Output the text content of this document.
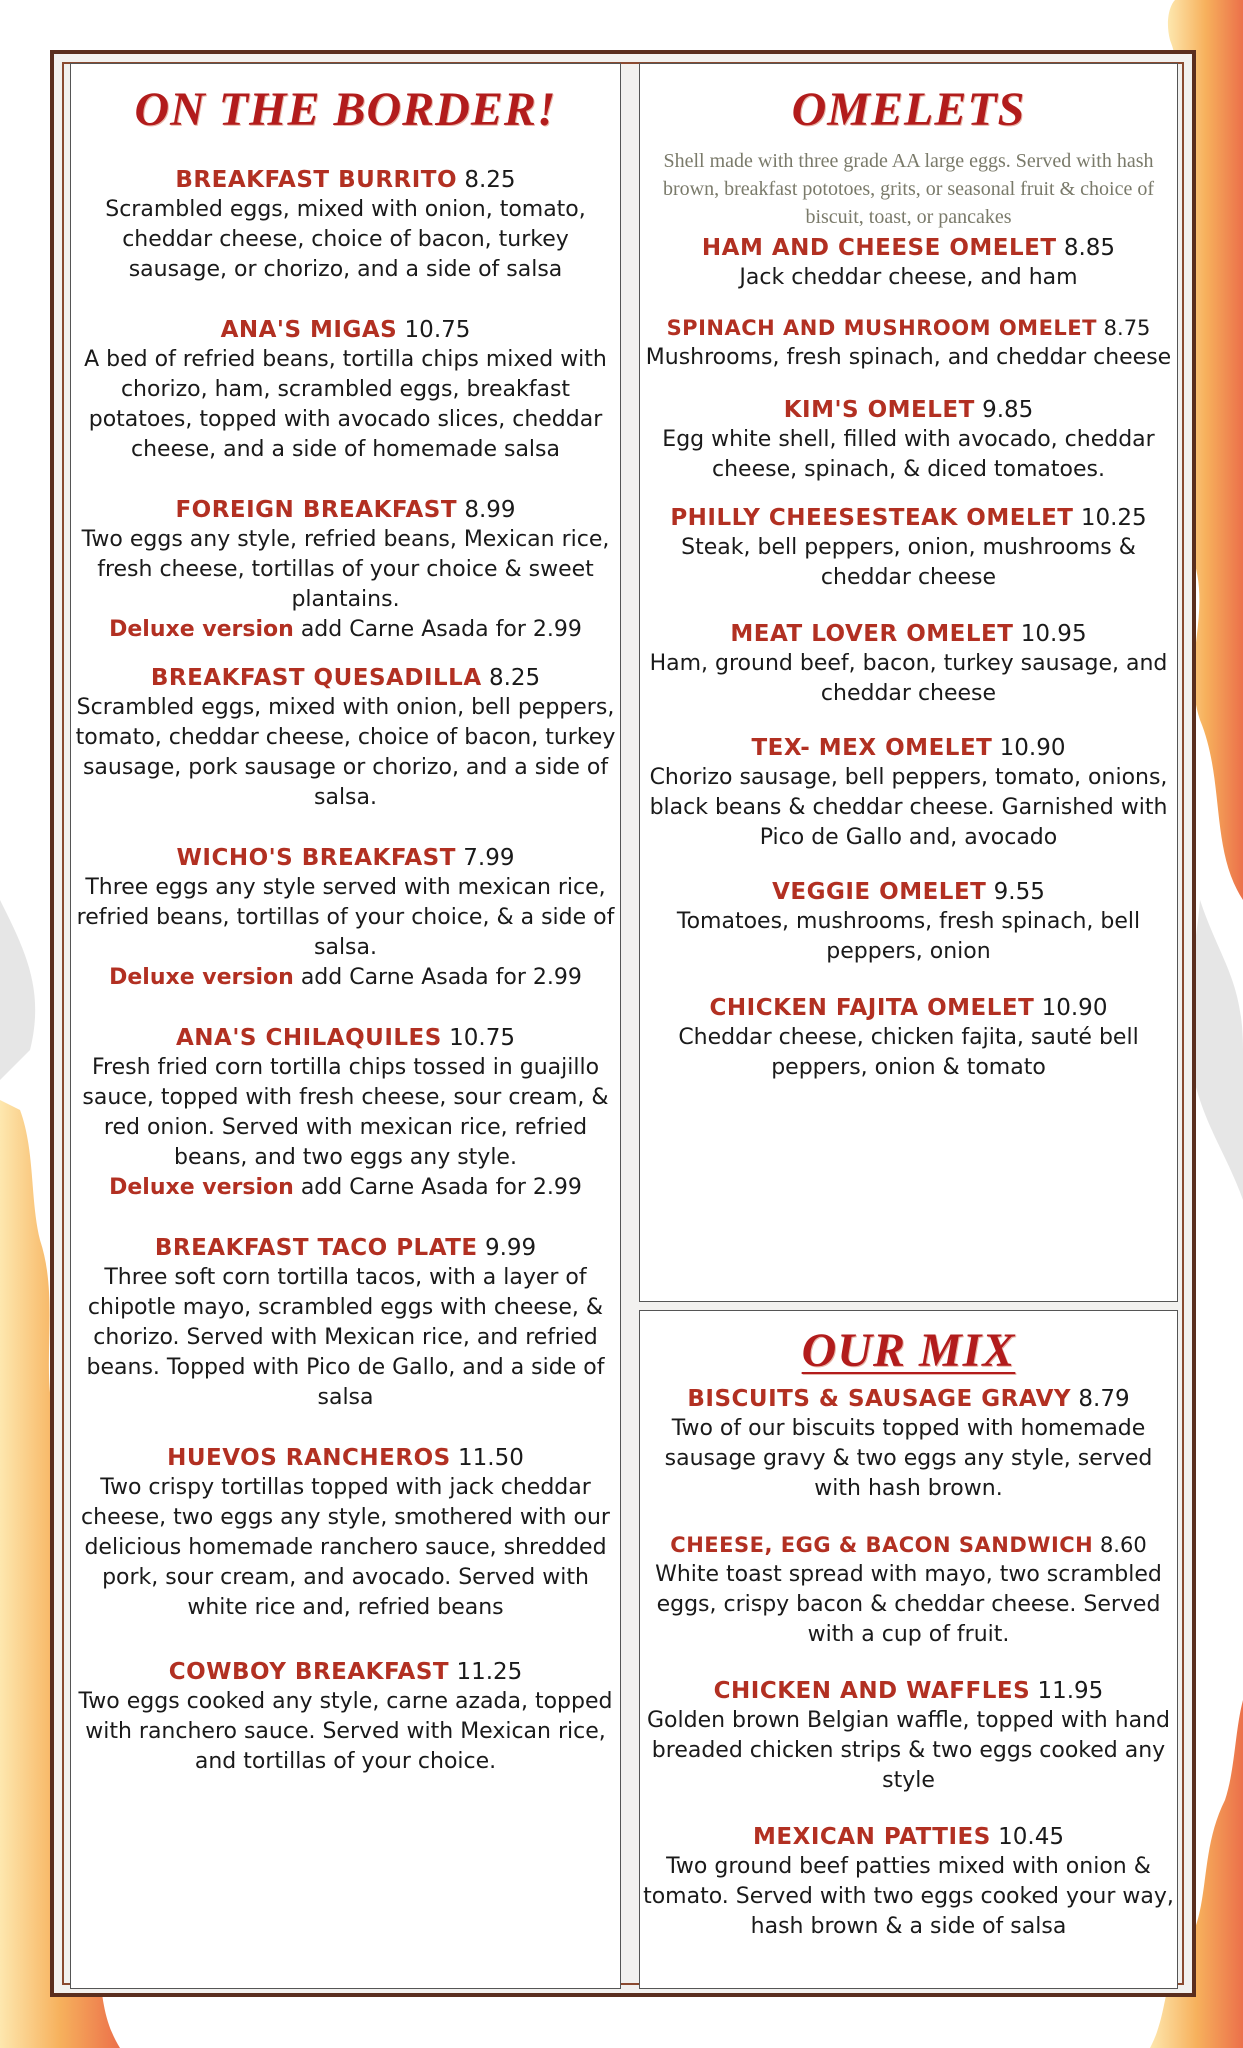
ON THE BORDER!
BREAKFAST BURRITO 8.25
Scrambled eggs, mixed with onion, tomato, cheddar cheese, choice of bacon, turkey sausage, or chorizo, and a side of salsa
ANA'S MIGAS 10.75
A bed of refried beans, tortilla chips mixed with chorizo, ham, scrambled eggs, breakfast potatoes, topped with avocado slices, cheddar cheese, and a side of homemade salsa
FOREIGN BREAKFAST 8.99
Two eggs any style, refried beans, Mexican rice, fresh cheese, tortillas of your choice & sweet plantains.
Deluxe version add Carne Asada for 2.99
BREAKFAST QUESADILLA 8.25
Scrambled eggs, mixed with onion, bell peppers, tomato, cheddar cheese, choice of bacon, turkey sausage, pork sausage or chorizo, and a side of salsa.
WICHO'S BREAKFAST 7.99
Three eggs any style served with mexican rice, refried beans, tortillas of your choice, & a side of salsa.
Deluxe version add Carne Asada for 2.99
ANA'S CHILAQUILES 10.75
Fresh fried corn tortilla chips tossed in guajillo sauce, topped with fresh cheese, sour cream, & red onion. Served with mexican rice, refried beans, and two eggs any style.
Deluxe version add Carne Asada for 2.99
BREAKFAST TACO PLATE 9.99
Three soft corn tortilla tacos, with a layer of chipotle mayo, scrambled eggs with cheese, & chorizo. Served with Mexican rice, and refried beans. Topped with Pico de Gallo, and a side of salsa
HUEVOS RANCHEROS 11.50
Two crispy tortillas topped with jack cheddar cheese, two eggs any style, smothered with our delicious homemade ranchero sauce, shredded pork, sour cream, and avocado. Served with white rice and, refried beans
COWBOY BREAKFAST 11.25
Two eggs cooked any style, carne azada, topped with ranchero sauce. Served with Mexican rice, and tortillas of your choice.
OMELETS
Shell made with three grade AA large eggs. Served with hash brown, breakfast pototoes, grits, or seasonal fruit & choice of biscuit, toast, or pancakes
HAM AND CHEESE OMELET 8.85
Jack cheddar cheese, and ham
SPINACH AND MUSHROOM OMELET 8.75
Mushrooms, fresh spinach, and cheddar cheese
KIM'S OMELET 9.85
Egg white shell, filled with avocado, cheddar cheese, spinach, & diced tomatoes.
PHILLY CHEESESTEAK OMELET 10.25
Steak, bell peppers, onion, mushrooms & cheddar cheese
MEAT LOVER OMELET 10.95
Ham, ground beef, bacon, turkey sausage, and cheddar cheese
TEX- MEX OMELET 10.90
Chorizo sausage, bell peppers, tomato, onions, black beans & cheddar cheese. Garnished with Pico de Gallo and, avocado
VEGGIE OMELET 9.55
Tomatoes, mushrooms, fresh spinach, bell peppers, onion
CHICKEN FAJITA OMELET 10.90
Cheddar cheese, chicken fajita, sauté bell peppers, onion & tomato
OUR MIX
BISCUITS & SAUSAGE GRAVY 8.79
Two of our biscuits topped with homemade sausage gravy & two eggs any style, served with hash brown.
CHEESE, EGG & BACON SANDWICH 8.60
White toast spread with mayo, two scrambled eggs, crispy bacon & cheddar cheese. Served with a cup of fruit.
CHICKEN AND WAFFLES 11.95
Golden brown Belgian waffle, topped with hand breaded chicken strips & two eggs cooked any style
MEXICAN PATTIES 10.45
Two ground beef patties mixed with onion & tomato. Served with two eggs cooked your way, hash brown & a side of salsa
